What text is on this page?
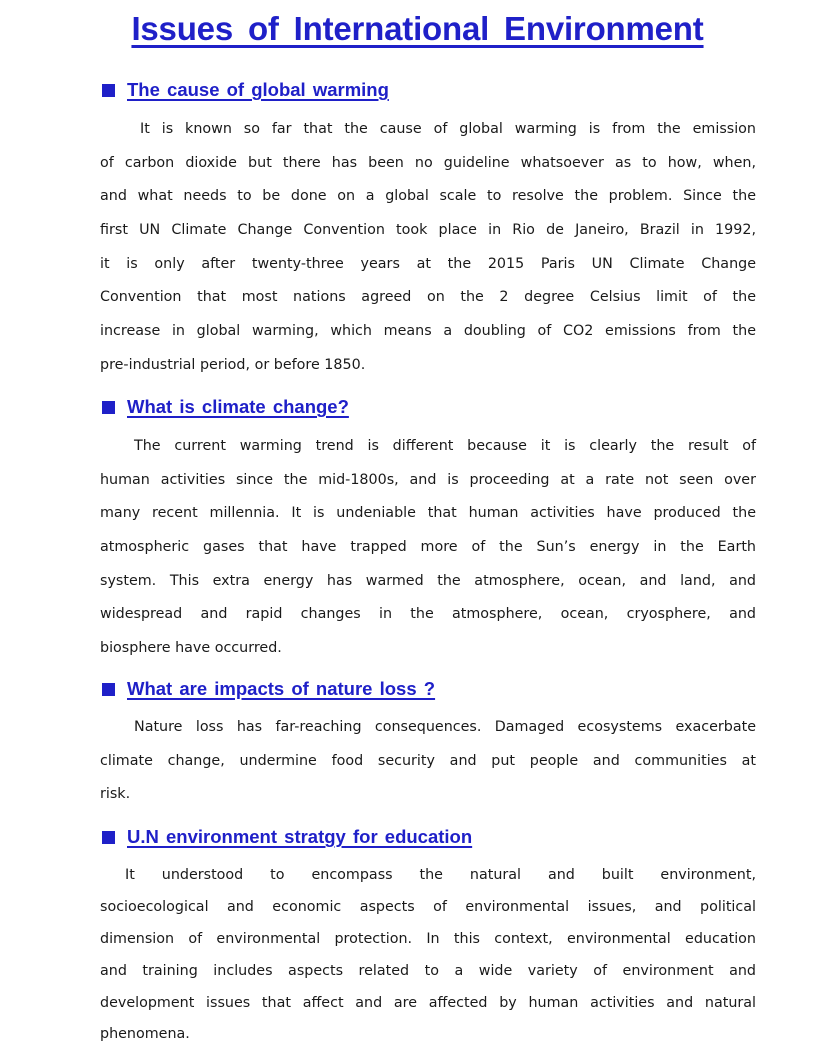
Issues of International Environment
The cause of global warming
It is known so far that the cause of global warming is from the emission
of carbon dioxide but there has been no guideline whatsoever as to how, when,
and what needs to be done on a global scale to resolve the problem. Since the
first UN Climate Change Convention took place in Rio de Janeiro, Brazil in 1992,
it is only after twenty-three years at the 2015 Paris UN Climate Change
Convention that most nations agreed on the 2 degree Celsius limit of the
increase in global warming, which means a doubling of CO2 emissions from the
pre-industrial period, or before 1850.
What is climate change?
The current warming trend is different because it is clearly the result of
human activities since the mid-1800s, and is proceeding at a rate not seen over
many recent millennia. It is undeniable that human activities have produced the
atmospheric gases that have trapped more of the Sun’s energy in the Earth
system. This extra energy has warmed the atmosphere, ocean, and land, and
widespread and rapid changes in the atmosphere, ocean, cryosphere, and
biosphere have occurred.
What are impacts of nature loss ?
Nature loss has far-reaching consequences. Damaged ecosystems exacerbate
climate change, undermine food security and put people and communities at
risk.
U.N environment stratgy for education
It understood to encompass the natural and built environment,
socioecological and economic aspects of environmental issues, and political
dimension of environmental protection. In this context, environmental education
and training includes aspects related to a wide variety of environment and
development issues that affect and are affected by human activities and natural
phenomena.
